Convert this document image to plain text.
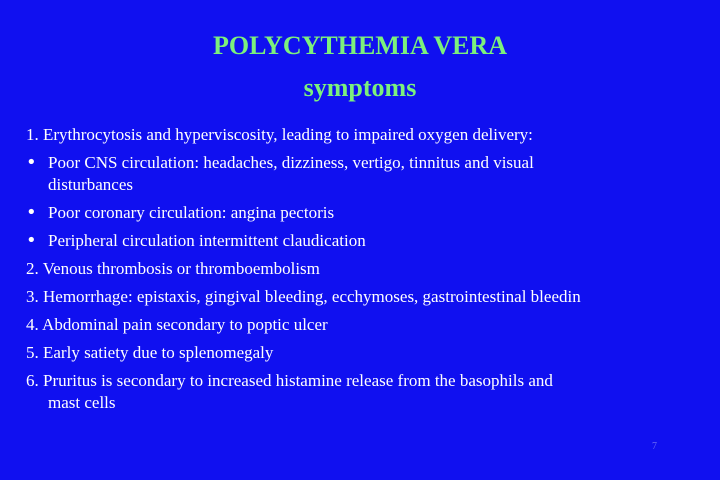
POLYCYTHEMIA VERA
symptoms
1. Erythrocytosis and hyperviscosity, leading to impaired oxygen delivery:
• Poor CNS circulation: headaches, dizziness, vertigo, tinnitus and visual
disturbances
• Poor coronary circulation: angina pectoris
• Peripheral circulation intermittent claudication
2. Venous thrombosis or thromboembolism
3. Hemorrhage: epistaxis, gingival bleeding, ecchymoses, gastrointestinal bleedin
4. Abdominal pain secondary to poptic ulcer
5. Early satiety due to splenomegaly
6. Pruritus is secondary to increased histamine release from the basophils and
mast cells
7
